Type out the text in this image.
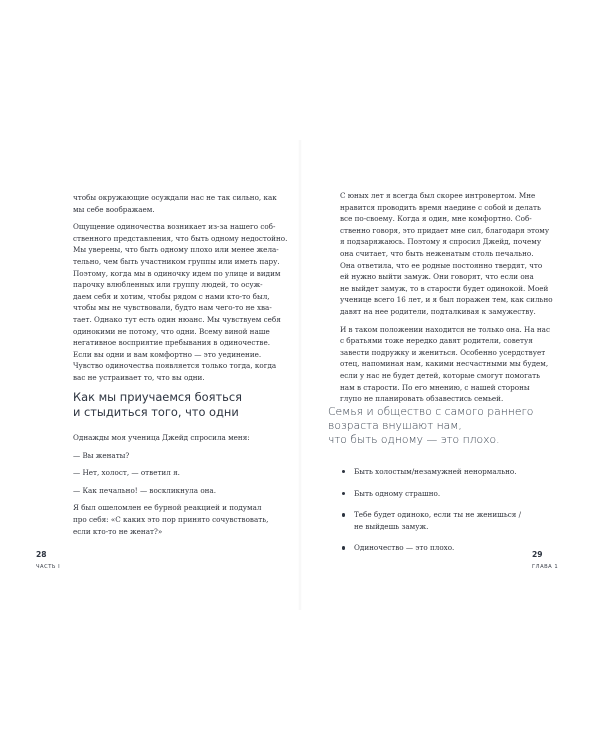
чтобы окружающие осуждали нас не так сильно, как
мы себе воображаем.
Ощущение одиночества возникает из-за нашего соб-
ственного представления, что быть одному недостойно.
Мы уверены, что быть одному плохо или менее жела-
тельно, чем быть участником группы или иметь пару.
Поэтому, когда мы в одиночку идем по улице и видим
парочку влюбленных или группу людей, то осуж-
даем себя и хотим, чтобы рядом с нами кто-то был,
чтобы мы не чувствовали, будто нам чего-то не хва-
тает. Однако тут есть один нюанс. Мы чувствуем себя
одинокими не потому, что одни. Всему виной наше
негативное восприятие пребывания в одиночестве.
Если вы одни и вам комфортно — это уединение.
Чувство одиночества появляется только тогда, когда
вас не устраивает то, что вы одни.
Как мы приучаемся бояться
и стыдиться того, что одни
Однажды моя ученица Джейд спросила меня:
— Вы женаты?
— Нет, холост, — ответил я.
— Как печально! — воскликнула она.
Я был ошеломлен ее бурной реакцией и подумал
про себя: «С каких это пор принято сочувствовать,
если кто-то не женат?»
28
ЧАСТЬ I
С юных лет я всегда был скорее интровертом. Мне
нравится проводить время наедине с собой и делать
все по-своему. Когда я один, мне комфортно. Соб-
ственно говоря, это придает мне сил, благодаря этому
я подзаряжаюсь. Поэтому я спросил Джейд, почему
она считает, что быть неженатым столь печально.
Она ответила, что ее родные постоянно твердят, что
ей нужно выйти замуж. Они говорят, что если она
не выйдет замуж, то в старости будет одинокой. Моей
ученице всего 16 лет, и я был поражен тем, как сильно
давят на нее родители, подталкивая к замужеству.
И в таком положении находится не только она. На нас
с братьями тоже нередко давят родители, советуя
завести подружку и жениться. Особенно усердствует
отец, напоминая нам, какими несчастными мы будем,
если у нас не будет детей, которые смогут помогать
нам в старости. По его мнению, с нашей стороны
глупо не планировать обзавестись семьей.
Семья и общество с самого раннего
возраста внушают нам,
что быть одному — это плохо.
Быть холостым/незамужней ненормально.
Быть одному страшно.
Тебе будет одиноко, если ты не женишься /
не выйдешь замуж.
Одиночество — это плохо.
29
ГЛАВА 1
